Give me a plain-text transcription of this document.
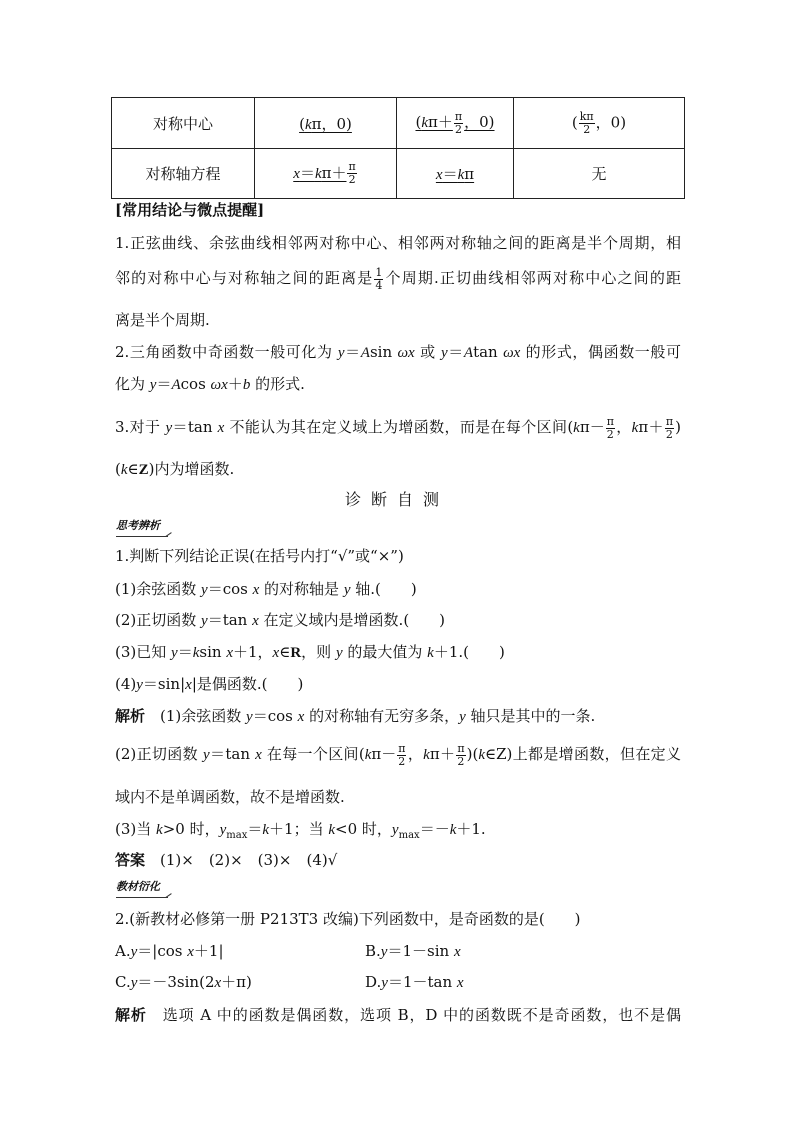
对称中心	(kπ，0)	($k\pi+ \frac{\pi}{2}$ ，0)	( $\frac{k\pi}{2}$ ，0)
对称轴方程	$x=k\pi+ \frac{\pi}{2}$	x＝kπ	无
[常用结论与微点提醒]
1.正弦曲线、余弦曲线相邻两对称中心、相邻两对称轴之间的距离是半个周期，相
邻的对称中心与对称轴之间的距离是 $\frac{1}{4}$ 个周期.正切曲线相邻两对称中心之间的距
离是半个周期.
2.三角函数中奇函数一般可化为 y＝Asin ωx 或 y＝Atan ωx 的形式，偶函数一般可
化为 y＝Acos ωx＋b 的形式.
3.对于 y＝tan x 不能认为其在定义域上为增函数，而是在每个区间($k\pi- \frac{\pi}{2}$ ，$k\pi+ \frac{\pi}{2}$ )
(k∈Z)内为增函数.
诊断自测
思考辨析
1.判断下列结论正误(在括号内打“√”或“×”)
(1)余弦函数 y＝cos x 的对称轴是 y 轴.(　　)
(2)正切函数 y＝tan x 在定义域内是增函数.(　　)
(3)已知 y＝ksin x＋1，x∈R，则 y 的最大值为 k＋1.(　　)
(4)y＝sin|x|是偶函数.(　　)
解析　(1)余弦函数 y＝cos x 的对称轴有无穷多条，y 轴只是其中的一条.
(2)正切函数 y＝tan x 在每一个区间($k\pi- \frac{\pi}{2}$ ，$k\pi+ \frac{\pi}{2}$ )(k∈Z)上都是增函数，但在定义
域内不是单调函数，故不是增函数.
(3)当 k>0 时，$y_{max}=k+1$；当 k<0 时，$y_{max}=-k+1$.
答案　(1)×　(2)×　(3)×　(4)√
教材衍化
2.(新教材必修第一册 P213T3 改编)下列函数中，是奇函数的是(　　)
A.y＝|cos x＋1|	B.y＝1－sin x
C.y＝－3sin(2x＋π)	D.y＝1－tan x
解析　选项 A 中的函数是偶函数，选项 B，D 中的函数既不是奇函数，也不是偶
